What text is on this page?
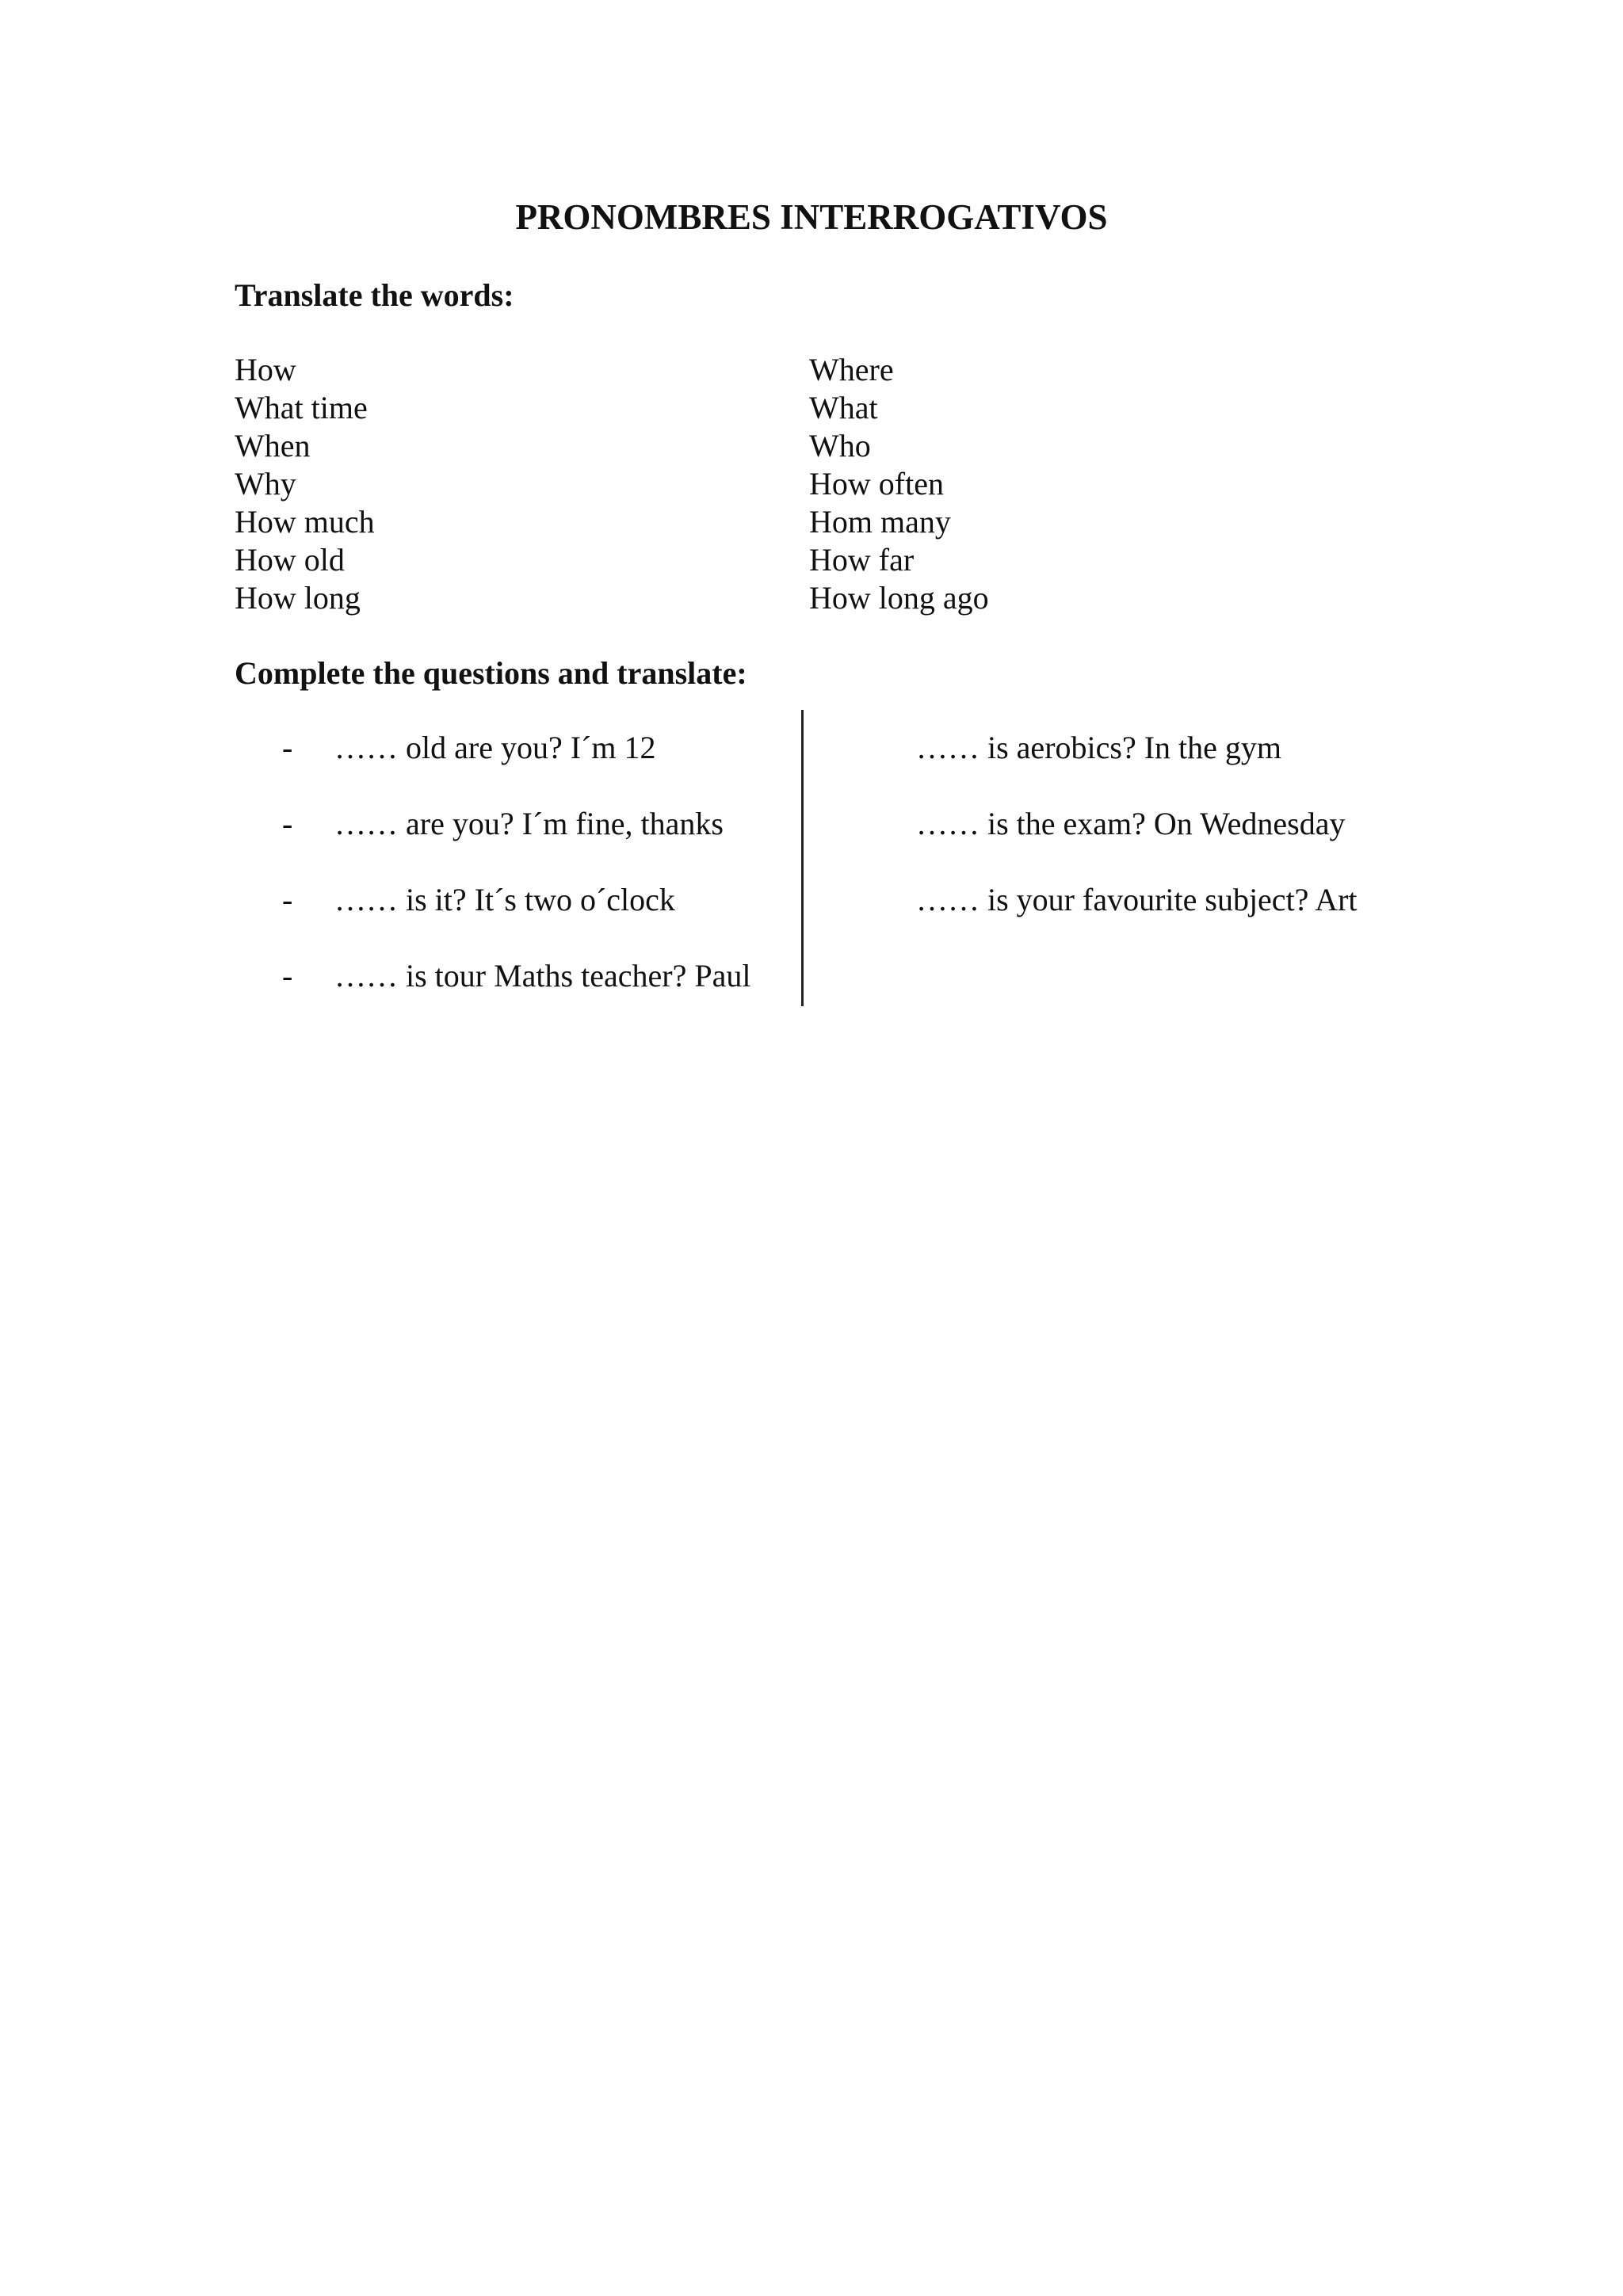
PRONOMBRES INTERROGATIVOS
Translate the words:
How
What time
When
Why
How much
How old
How long
Where
What
Who
How often
Hom many
How far
How long ago
Complete the questions and translate:
- …… old are you? I´m 12
- …… are you? I´m fine, thanks
- …… is it? It´s two o´clock
- …… is tour Maths teacher? Paul
…… is aerobics? In the gym
…… is the exam? On Wednesday
…… is your favourite subject? Art
